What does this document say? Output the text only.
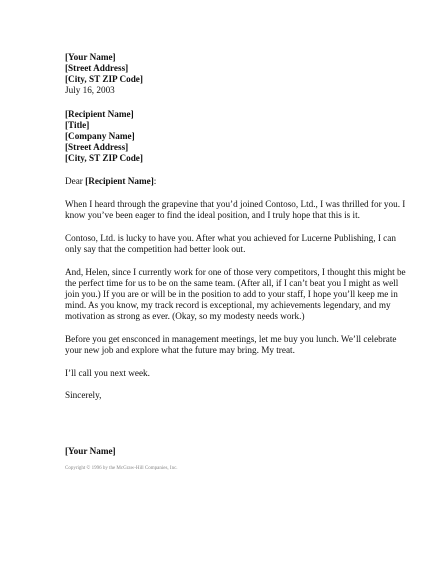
[Your Name]
[Street Address]
[City, ST ZIP Code]
July 16, 2003
[Recipient Name]
[Title]
[Company Name]
[Street Address]
[City, ST ZIP Code]
Dear [Recipient Name]:

When I heard through the grapevine that you’d joined Contoso, Ltd., I was thrilled for you. I know you’ve been eager to find the ideal position, and I truly hope that this is it.

Contoso, Ltd. is lucky to have you. After what you achieved for Lucerne Publishing, I can only say that the competition had better look out.

And, Helen, since I currently work for one of those very competitors, I thought this might be the perfect time for us to be on the same team. (After all, if I can’t beat you I might as well join you.) If you are or will be in the position to add to your staff, I hope you’ll keep me in mind. As you know, my track record is exceptional, my achievements legendary, and my motivation as strong as ever. (Okay, so my modesty needs work.)

Before you get ensconced in management meetings, let me buy you lunch. We’ll celebrate your new job and explore what the future may bring. My treat.

I’ll call you next week.

Sincerely,

[Your Name]
Copyright © 1996 by the McGraw-Hill Companies, Inc.
